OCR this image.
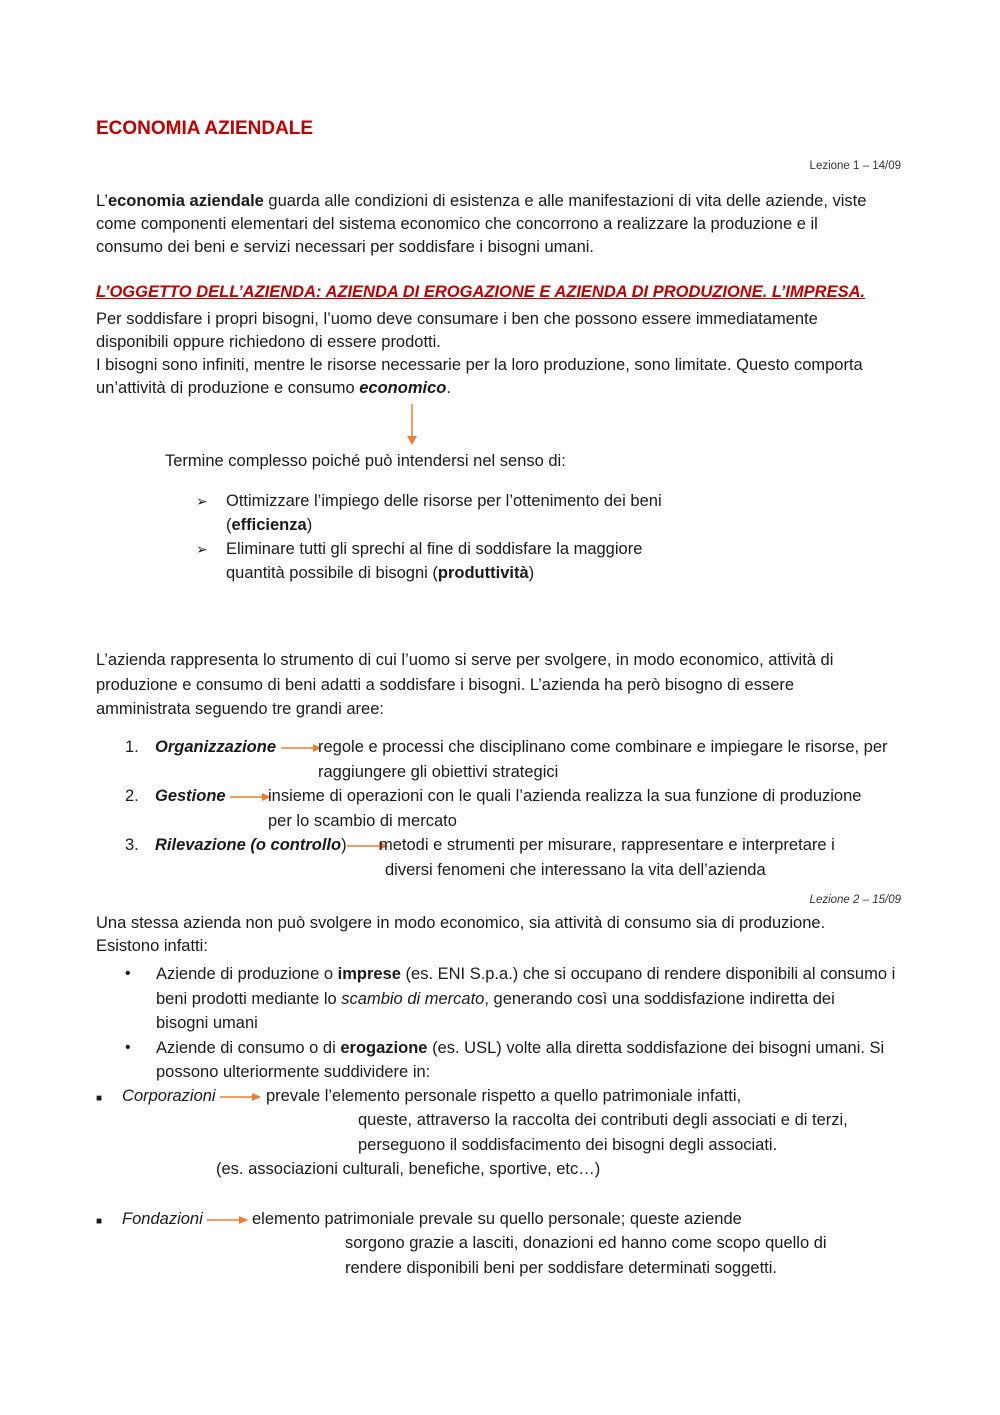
ECONOMIA AZIENDALE
Lezione 1 – 14/09
L’economia aziendale guarda alle condizioni di esistenza e alle manifestazioni di vita delle aziende, viste
come componenti elementari del sistema economico che concorrono a realizzare la produzione e il
consumo dei beni e servizi necessari per soddisfare i bisogni umani.
L’OGGETTO DELL’AZIENDA: AZIENDA DI EROGAZIONE E AZIENDA DI PRODUZIONE. L’IMPRESA.
Per soddisfare i propri bisogni, l’uomo deve consumare i ben che possono essere immediatamente
disponibili oppure richiedono di essere prodotti.
I bisogni sono infiniti, mentre le risorse necessarie per la loro produzione, sono limitate. Questo comporta
un’attività di produzione e consumo economico.
Termine complesso poiché può intendersi nel senso di:
➢ Ottimizzare l’impiego delle risorse per l’ottenimento dei beni
(efficienza)
➢ Eliminare tutti gli sprechi al fine di soddisfare la maggiore
quantità possibile di bisogni (produttività)
L’azienda rappresenta lo strumento di cui l’uomo si serve per svolgere, in modo economico, attività di
produzione e consumo di beni adatti a soddisfare i bisogni. L’azienda ha però bisogno di essere
amministrata seguendo tre grandi aree:
1. Organizzazione	regole e processi che disciplinano come combinare e impiegare le risorse, per
raggiungere gli obiettivi strategici
2. Gestione	insieme di operazioni con le quali l’azienda realizza la sua funzione di produzione
per lo scambio di mercato
3. Rilevazione (o controllo)	metodi e strumenti per misurare, rappresentare e interpretare i
diversi fenomeni che interessano la vita dell’azienda
Lezione 2 – 15/09
Una stessa azienda non può svolgere in modo economico, sia attività di consumo sia di produzione.
Esistono infatti:
• Aziende di produzione o imprese (es. ENI S.p.a.) che si occupano di rendere disponibili al consumo i
beni prodotti mediante lo scambio di mercato, generando così una soddisfazione indiretta dei
bisogni umani
• Aziende di consumo o di erogazione (es. USL) volte alla diretta soddisfazione dei bisogni umani. Si
possono ulteriormente suddividere in:
■ Corporazioni	prevale l’elemento personale rispetto a quello patrimoniale infatti,
queste, attraverso la raccolta dei contributi degli associati e di terzi,
perseguono il soddisfacimento dei bisogni degli associati.
(es. associazioni culturali, benefiche, sportive, etc…)
■ Fondazioni	elemento patrimoniale prevale su quello personale; queste aziende
sorgono grazie a lasciti, donazioni ed hanno come scopo quello di
rendere disponibili beni per soddisfare determinati soggetti.
